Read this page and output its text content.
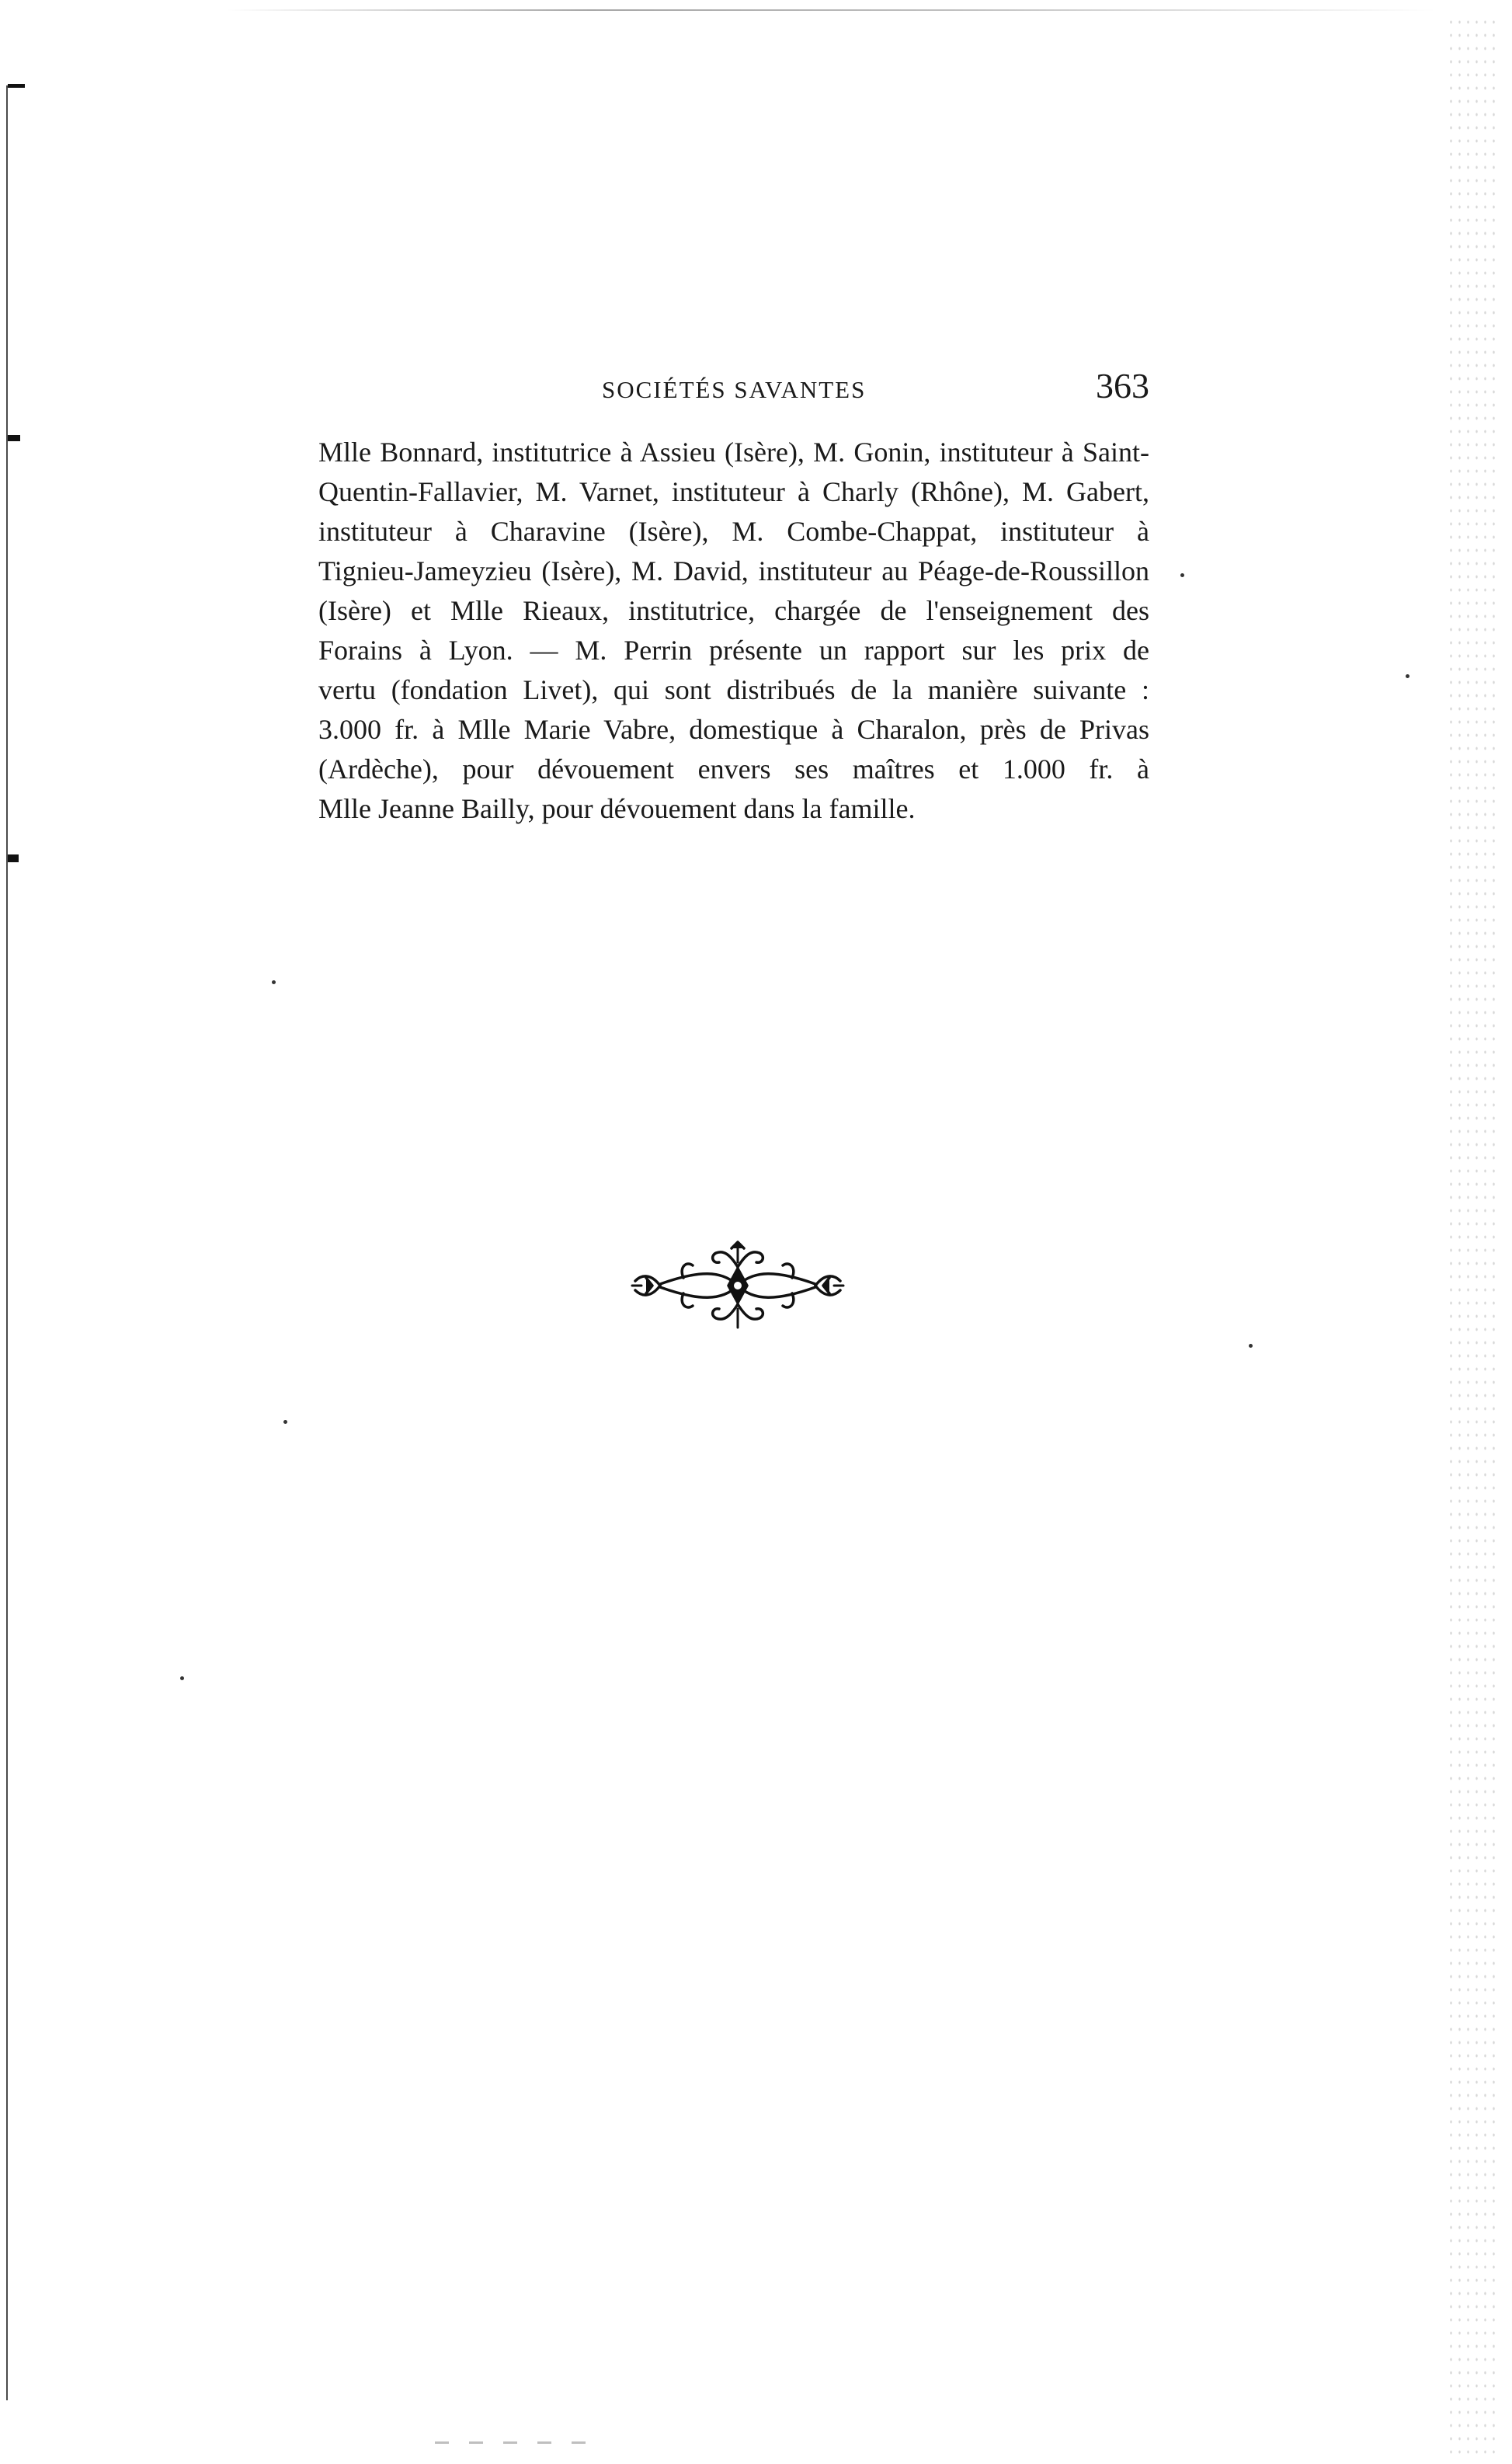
SOCIÉTÉS SAVANTES	363
Mlle Bonnard, institutrice à Assieu (Isère), M. Gonin, instituteur à Saint-
Quentin-Fallavier, M. Varnet, instituteur à Charly (Rhône), M. Gabert,
instituteur à Charavine (Isère), M. Combe-Chappat, instituteur à
Tignieu-Jameyzieu (Isère), M. David, instituteur au Péage-de-Roussillon
(Isère) et Mlle Rieaux, institutrice, chargée de l'enseignement des
Forains à Lyon. — M. Perrin présente un rapport sur les prix de
vertu (fondation Livet), qui sont distribués de la manière suivante :
3.000 fr. à Mlle Marie Vabre, domestique à Charalon, près de Privas
(Ardèche), pour dévouement envers ses maîtres et 1.000 fr. à
Mlle Jeanne Bailly, pour dévouement dans la famille.
